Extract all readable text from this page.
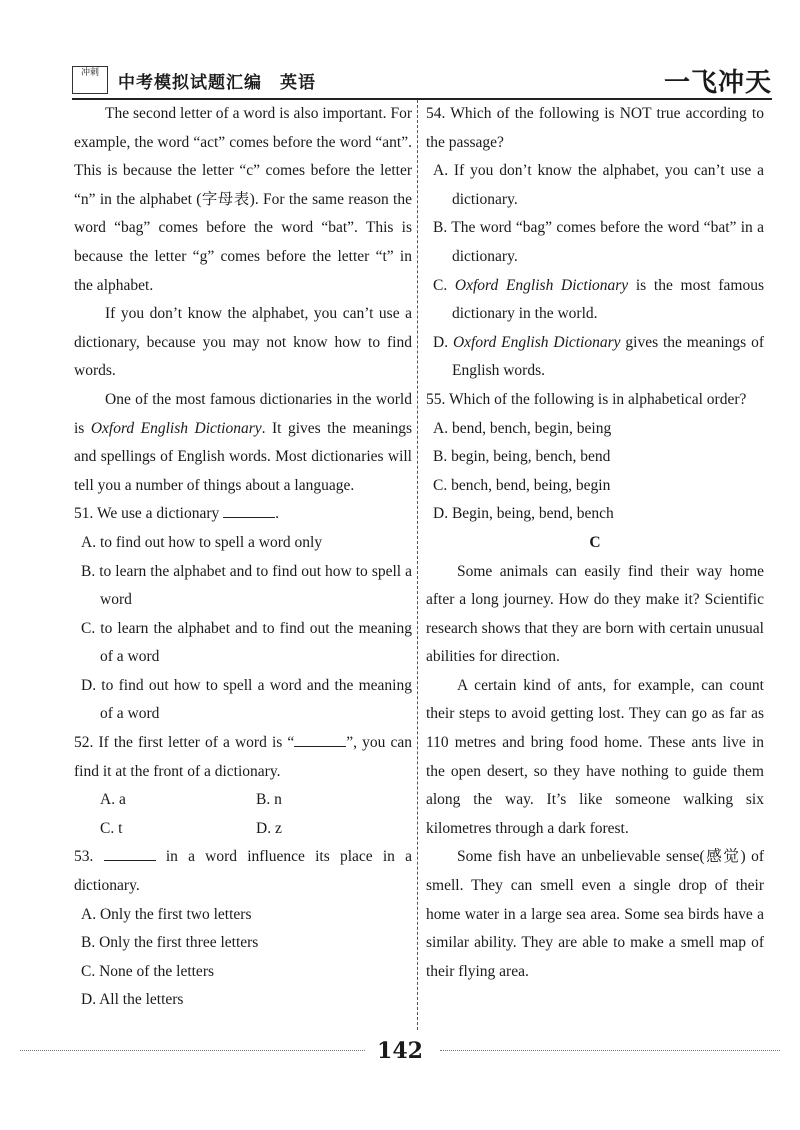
冲刺	中考模拟试题汇编　英语	一飞冲天

The second letter of a word is also important. For example, the word “act” comes before the word “ant”. This is because the letter “c” comes before the letter “n” in the alphabet (字母表). For the same reason the word “bag” comes before the word “bat”. This is because the letter “g” comes before the letter “t” in the alphabet.

If you don’t know the alphabet, you can’t use a dictionary, because you may not know how to find words.

One of the most famous dictionaries in the world is Oxford English Dictionary. It gives the meanings and spellings of English words. Most dictionaries will tell you a number of things about a language.

51. We use a dictionary	.

A. to find out how to spell a word only

B. to learn the alphabet and to find out how to spell a word

C. to learn the alphabet and to find out the meaning of a word

D. to find out how to spell a word and the meaning of a word

52. If the first letter of a word is “	”, you can find it at the front of a dictionary.

A. a	B. n
C. t	D. z

53.	in a word influence its place in a dictionary.

A. Only the first two letters

B. Only the first three letters

C. None of the letters

D. All the letters

54. Which of the following is NOT true according to the passage?

A. If you don’t know the alphabet, you can’t use a dictionary.

B. The word “bag” comes before the word “bat” in a dictionary.

C. Oxford English Dictionary is the most famous dictionary in the world.

D. Oxford English Dictionary gives the meanings of English words.

55. Which of the following is in alphabetical order?

A. bend, bench, begin, being

B. begin, being, bench, bend

C. bench, bend, being, begin

D. Begin, being, bend, bench

C

Some animals can easily find their way home after a long journey. How do they make it? Scientific research shows that they are born with certain unusual abilities for direction.

A certain kind of ants, for example, can count their steps to avoid getting lost. They can go as far as 110 metres and bring food home. These ants live in the open desert, so they have nothing to guide them along the way. It’s like someone walking six kilometres through a dark forest.

Some fish have an unbelievable sense(感觉) of smell. They can smell even a single drop of their home water in a large sea area. Some sea birds have a similar ability. They are able to make a smell map of their flying area.

142
